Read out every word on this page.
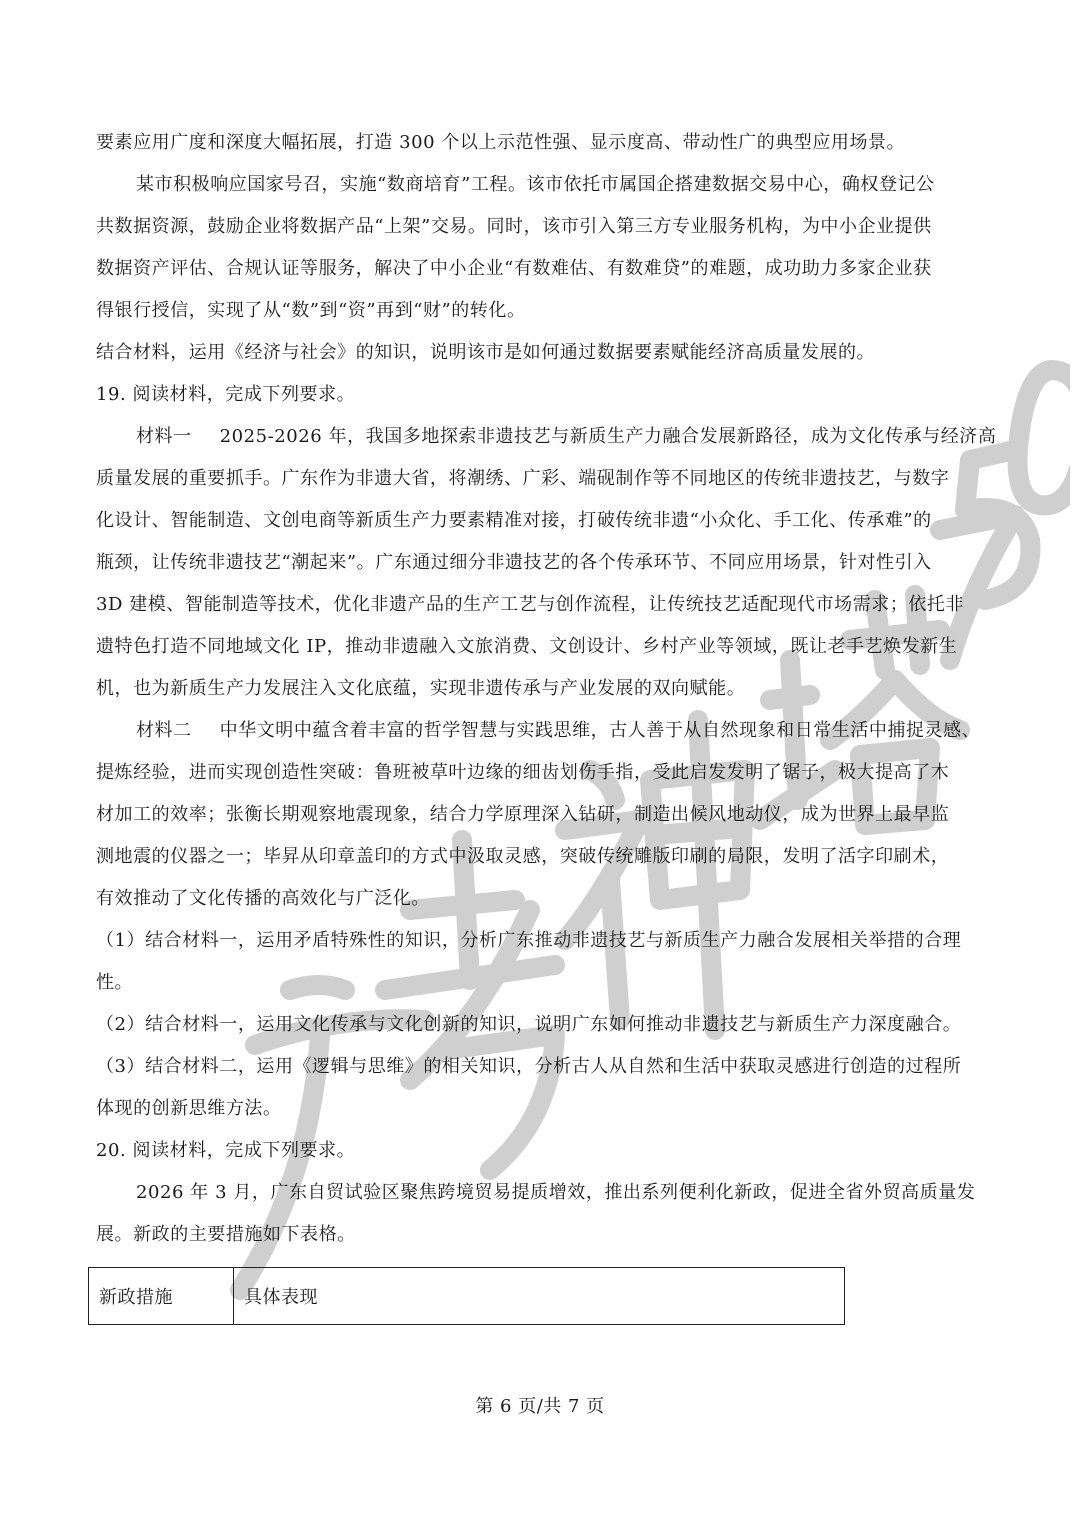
要素应用广度和深度大幅拓展，打造 300 个以上示范性强、显示度高、带动性广的典型应用场景。
某市积极响应国家号召，实施“数商培育”工程。该市依托市属国企搭建数据交易中心，确权登记公
共数据资源，鼓励企业将数据产品“上架”交易。同时，该市引入第三方专业服务机构，为中小企业提供
数据资产评估、合规认证等服务，解决了中小企业“有数难估、有数难贷”的难题，成功助力多家企业获
得银行授信，实现了从“数”到“资”再到“财”的转化。
结合材料，运用《经济与社会》的知识，说明该市是如何通过数据要素赋能经济高质量发展的。
19. 阅读材料，完成下列要求。
材料一 2025-2026 年，我国多地探索非遗技艺与新质生产力融合发展新路径，成为文化传承与经济高
质量发展的重要抓手。广东作为非遗大省，将潮绣、广彩、端砚制作等不同地区的传统非遗技艺，与数字
化设计、智能制造、文创电商等新质生产力要素精准对接，打破传统非遗“小众化、手工化、传承难”的
瓶颈，让传统非遗技艺“潮起来”。广东通过细分非遗技艺的各个传承环节、不同应用场景，针对性引入
3D 建模、智能制造等技术，优化非遗产品的生产工艺与创作流程，让传统技艺适配现代市场需求；依托非
遗特色打造不同地域文化 IP，推动非遗融入文旅消费、文创设计、乡村产业等领域，既让老手艺焕发新生
机，也为新质生产力发展注入文化底蕴，实现非遗传承与产业发展的双向赋能。
材料二 中华文明中蕴含着丰富的哲学智慧与实践思维，古人善于从自然现象和日常生活中捕捉灵感、
提炼经验，进而实现创造性突破：鲁班被草叶边缘的细齿划伤手指，受此启发发明了锯子，极大提高了木
材加工的效率；张衡长期观察地震现象，结合力学原理深入钻研，制造出候风地动仪，成为世界上最早监
测地震的仪器之一；毕昇从印章盖印的方式中汲取灵感，突破传统雕版印刷的局限，发明了活字印刷术，
有效推动了文化传播的高效化与广泛化。
（1）结合材料一，运用矛盾特殊性的知识，分析广东推动非遗技艺与新质生产力融合发展相关举措的合理
性。
（2）结合材料一，运用文化传承与文化创新的知识，说明广东如何推动非遗技艺与新质生产力深度融合。
（3）结合材料二，运用《逻辑与思维》的相关知识，分析古人从自然和生活中获取灵感进行创造的过程所
体现的创新思维方法。
20. 阅读材料，完成下列要求。
2026 年 3 月，广东自贸试验区聚焦跨境贸易提质增效，推出系列便利化新政，促进全省外贸高质量发
展。新政的主要措施如下表格。
新政措施	具体表现
第 6 页/共 7 页
